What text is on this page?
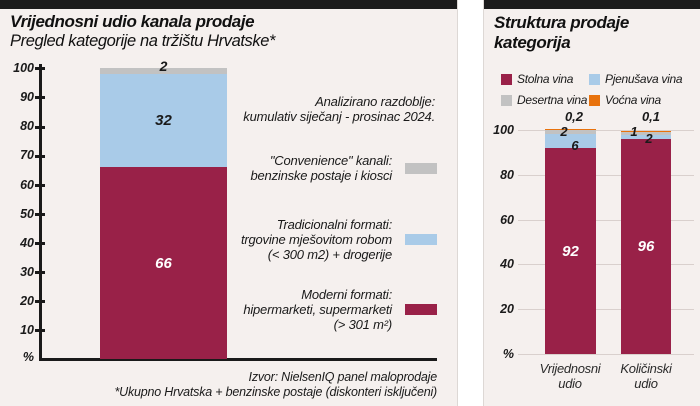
Vrijednosni udio kanala prodaje
Pregled kategorije na tržištu Hrvatske*
100
90
80
70
60
50
40
30
20
10
%
2
32
66
Analizirano razdoblje:
kumulativ siječanj - prosinac 2024.
"Convenience" kanali:
benzinske postaje i kiosci
Tradicionalni formati:
trgovine mješovitom robom
(< 300 m2) + drogerije
Moderni formati:
hipermarketi, supermarketi
(> 301 m²)
Izvor: NielsenIQ panel maloprodaje
*Ukupno Hrvatska + benzinske postaje (diskonteri isključeni)
Struktura prodaje
kategorija
Stolna vina	Pjenušava vina
Desertna vina Voćna vina
100
80
60
40
20
%
92
0,2
2
6
96
0,1
1 2
Vrijednosni
udio
Količinski
udio
